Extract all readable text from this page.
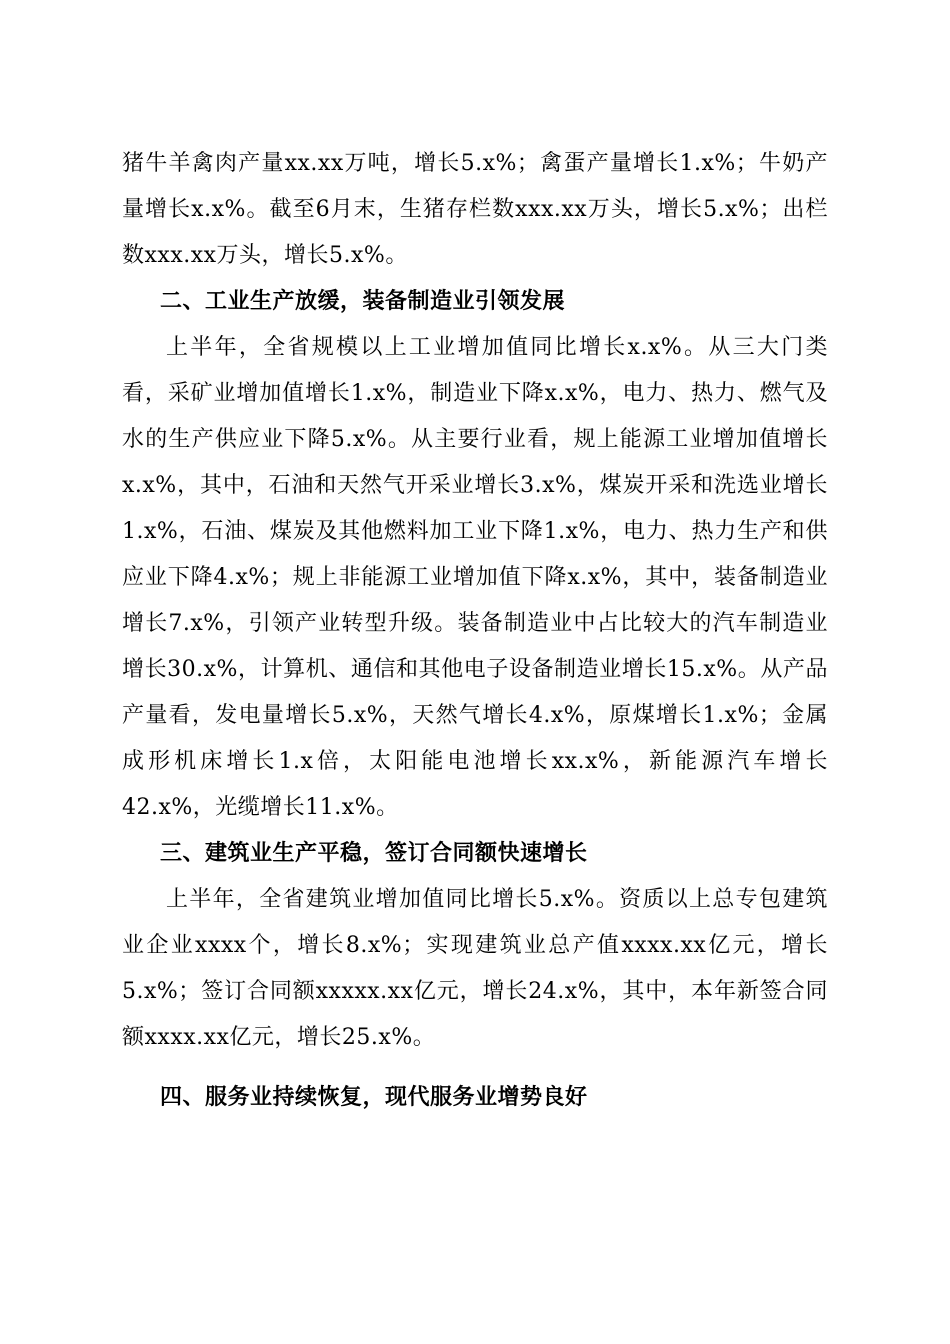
猪牛羊禽肉产量xx.xx万吨，增长5.x%；禽蛋产量增长1.x%；牛奶产量增长x.x%。截至6月末，生猪存栏数xxx.xx万头，增长5.x%；出栏数xxx.xx万头，增长5.x%。

二、工业生产放缓，装备制造业引领发展

上半年，全省规模以上工业增加值同比增长x.x%。从三大门类看，采矿业增加值增长1.x%，制造业下降x.x%，电力、热力、燃气及水的生产供应业下降5.x%。从主要行业看，规上能源工业增加值增长x.x%，其中，石油和天然气开采业增长3.x%，煤炭开采和洗选业增长1.x%，石油、煤炭及其他燃料加工业下降1.x%，电力、热力生产和供应业下降4.x%；规上非能源工业增加值下降x.x%，其中，装备制造业增长7.x%，引领产业转型升级。装备制造业中占比较大的汽车制造业增长30.x%，计算机、通信和其他电子设备制造业增长15.x%。从产品产量看，发电量增长5.x%，天然气增长4.x%，原煤增长1.x%；金属成形机床增长1.x倍，太阳能电池增长xx.x%，新能源汽车增长42.x%，光缆增长11.x%。

三、建筑业生产平稳，签订合同额快速增长

上半年，全省建筑业增加值同比增长5.x%。资质以上总专包建筑业企业xxxx个，增长8.x%；实现建筑业总产值xxxx.xx亿元，增长5.x%；签订合同额xxxxx.xx亿元，增长24.x%，其中，本年新签合同额xxxx.xx亿元，增长25.x%。

四、服务业持续恢复，现代服务业增势良好
